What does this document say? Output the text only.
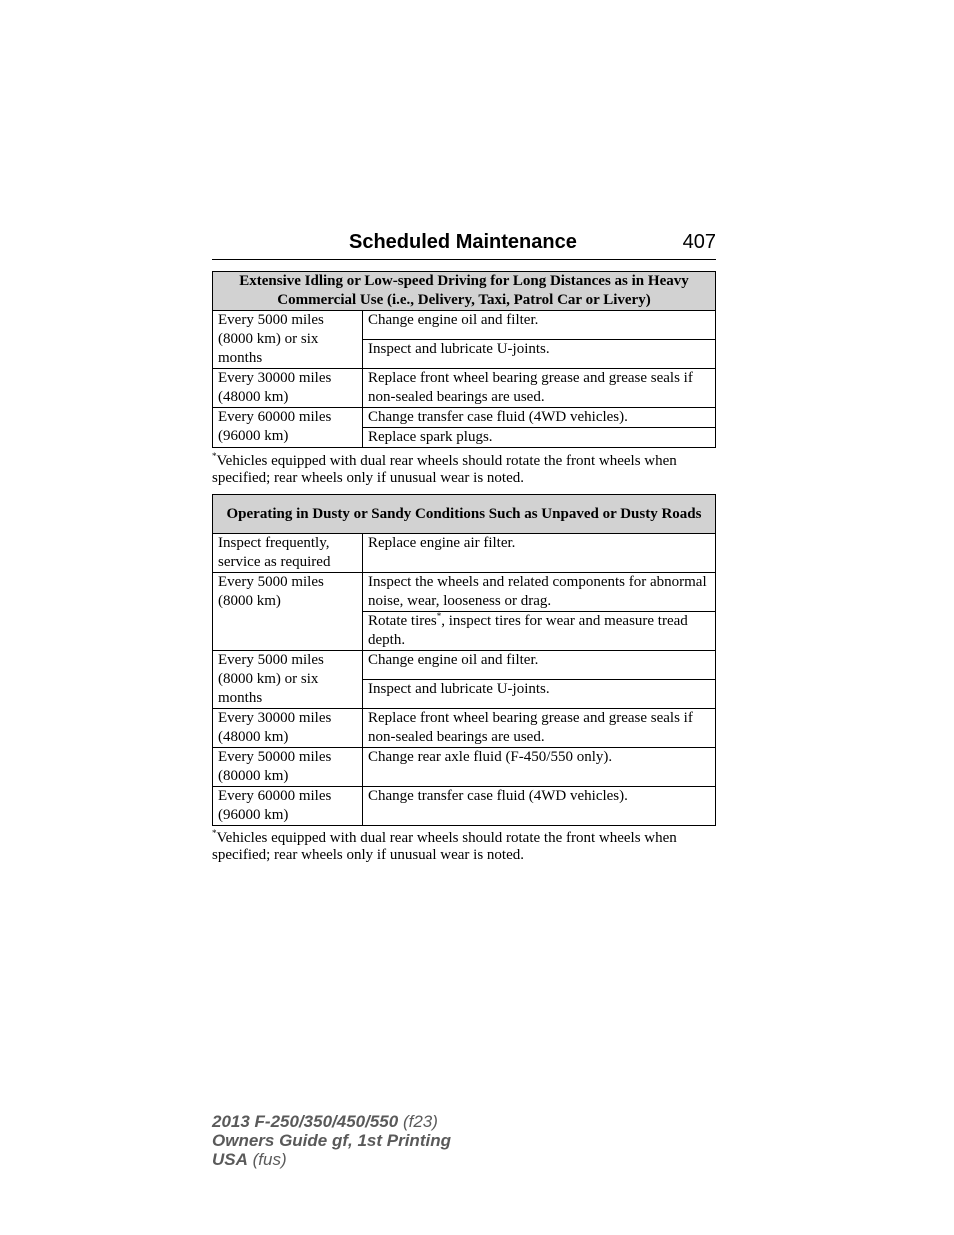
Scheduled Maintenance	407
Extensive Idling or Low-speed Driving for Long Distances as in Heavy Commercial Use (i.e., Delivery, Taxi, Patrol Car or Livery)	
Every 5000 miles (8000 km) or six months	Change engine oil and filter.
	Inspect and lubricate U-joints.
Every 30000 miles (48000 km)	Replace front wheel bearing grease and grease seals if non-sealed bearings are used.
Every 60000 miles (96000 km)	Change transfer case fluid (4WD vehicles).
	Replace spark plugs.
*Vehicles equipped with dual rear wheels should rotate the front wheels when specified; rear wheels only if unusual wear is noted.
Operating in Dusty or Sandy Conditions Such as Unpaved or Dusty Roads	
Inspect frequently, service as required	Replace engine air filter.
Every 5000 miles (8000 km)	Inspect the wheels and related components for abnormal noise, wear, looseness or drag.
	Rotate tires*, inspect tires for wear and measure tread depth.
Every 5000 miles (8000 km) or six months	Change engine oil and filter.
	Inspect and lubricate U-joints.
Every 30000 miles (48000 km)	Replace front wheel bearing grease and grease seals if non-sealed bearings are used.
Every 50000 miles (80000 km)	Change rear axle fluid (F-450/550 only).
Every 60000 miles (96000 km)	Change transfer case fluid (4WD vehicles).
*Vehicles equipped with dual rear wheels should rotate the front wheels when specified; rear wheels only if unusual wear is noted.
2013 F-250/350/450/550 (f23)
Owners Guide gf, 1st Printing
USA (fus)
